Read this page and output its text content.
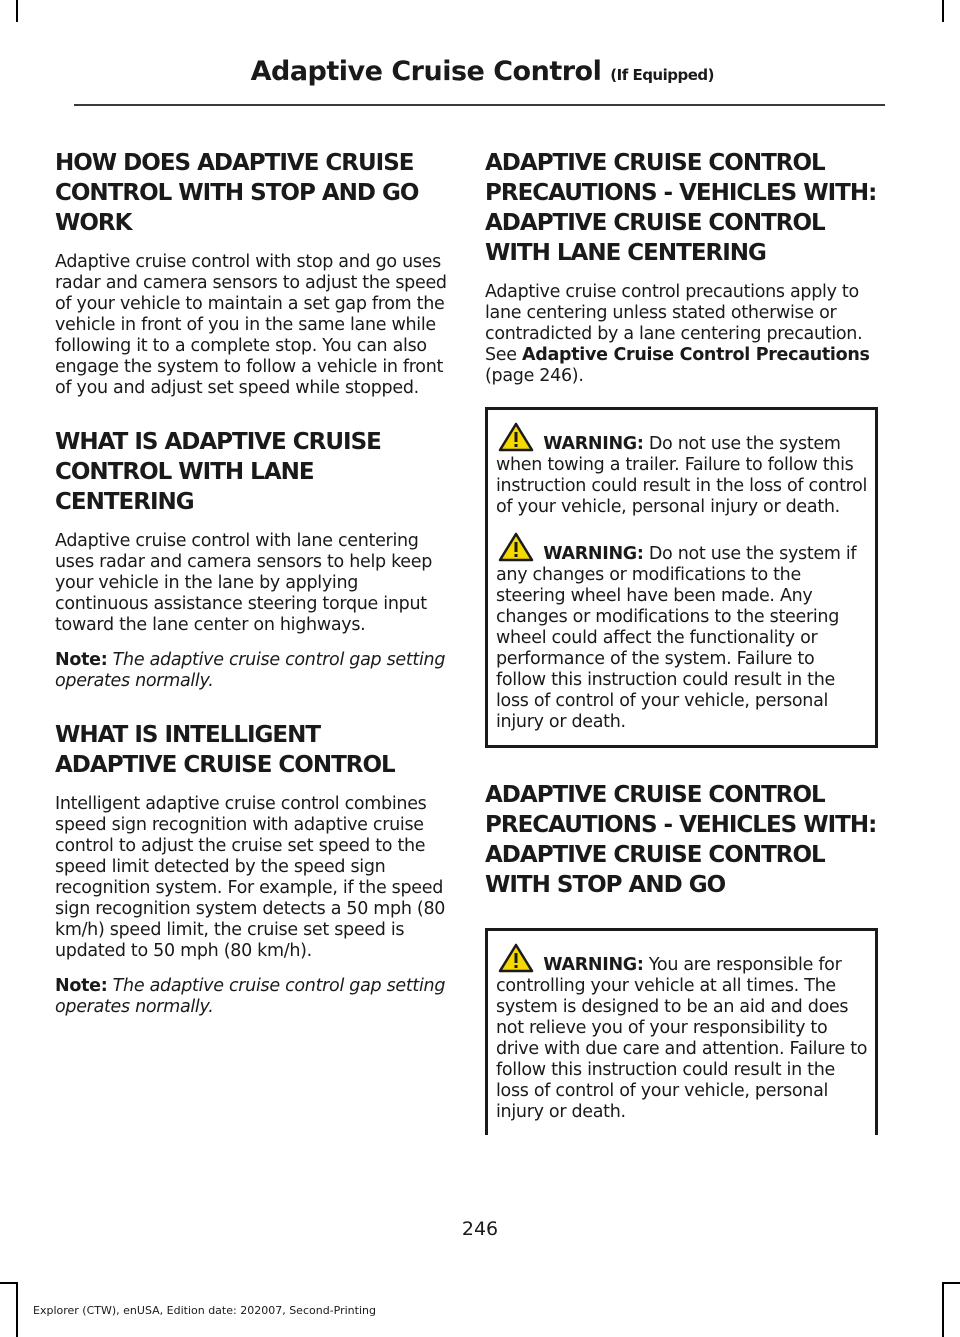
Adaptive Cruise Control (If Equipped)
HOW DOES ADAPTIVE CRUISE CONTROL WITH STOP AND GO WORK

Adaptive cruise control with stop and go uses radar and camera sensors to adjust the speed of your vehicle to maintain a set gap from the vehicle in front of you in the same lane while following it to a complete stop. You can also engage the system to follow a vehicle in front of you and adjust set speed while stopped.

WHAT IS ADAPTIVE CRUISE CONTROL WITH LANE CENTERING

Adaptive cruise control with lane centering uses radar and camera sensors to help keep your vehicle in the lane by applying continuous assistance steering torque input toward the lane center on highways.

Note: The adaptive cruise control gap setting operates normally.

WHAT IS INTELLIGENT ADAPTIVE CRUISE CONTROL

Intelligent adaptive cruise control combines speed sign recognition with adaptive cruise control to adjust the cruise set speed to the speed limit detected by the speed sign recognition system. For example, if the speed sign recognition system detects a 50 mph (80 km/h) speed limit, the cruise set speed is updated to 50 mph (80 km/h).

Note: The adaptive cruise control gap setting operates normally.

ADAPTIVE CRUISE CONTROL PRECAUTIONS - VEHICLES WITH: ADAPTIVE CRUISE CONTROL WITH LANE CENTERING

Adaptive cruise control precautions apply to lane centering unless stated otherwise or contradicted by a lane centering precaution. See Adaptive Cruise Control Precautions (page 246).

WARNING: Do not use the system when towing a trailer. Failure to follow this instruction could result in the loss of control of your vehicle, personal injury or death.

WARNING: Do not use the system if any changes or modifications to the steering wheel have been made. Any changes or modifications to the steering wheel could affect the functionality or performance of the system. Failure to follow this instruction could result in the loss of control of your vehicle, personal injury or death.

ADAPTIVE CRUISE CONTROL PRECAUTIONS - VEHICLES WITH: ADAPTIVE CRUISE CONTROL WITH STOP AND GO

WARNING: You are responsible for controlling your vehicle at all times. The system is designed to be an aid and does not relieve you of your responsibility to drive with due care and attention. Failure to follow this instruction could result in the loss of control of your vehicle, personal injury or death.

246
Explorer (CTW), enUSA, Edition date: 202007, Second-Printing
